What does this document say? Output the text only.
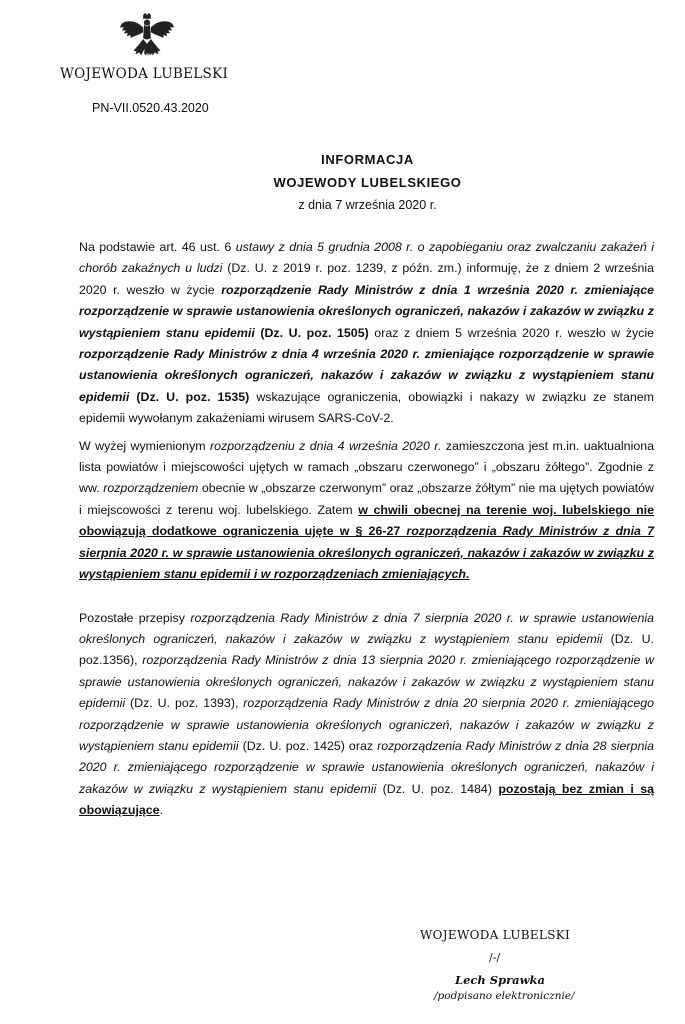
WOJEWODA LUBELSKI
PN-VII.0520.43.2020
INFORMACJA
WOJEWODY LUBELSKIEGO
z dnia 7 września 2020 r.

Na podstawie art. 46 ust. 6 ustawy z dnia 5 grudnia 2008 r. o zapobieganiu oraz zwalczaniu zakażeń i chorób zakaźnych u ludzi (Dz. U. z 2019 r. poz. 1239, z późn. zm.) informuję, że z dniem 2 września 2020 r. weszło w życie rozporządzenie Rady Ministrów z dnia 1 września 2020 r. zmieniające rozporządzenie w sprawie ustanowienia określonych ograniczeń, nakazów i zakazów w związku z wystąpieniem stanu epidemii (Dz. U. poz. 1505) oraz z dniem 5 września 2020 r. weszło w życie rozporządzenie Rady Ministrów z dnia 4 września 2020 r. zmieniające rozporządzenie w sprawie ustanowienia określonych ograniczeń, nakazów i zakazów w związku z wystąpieniem stanu epidemii (Dz. U. poz. 1535) wskazujące ograniczenia, obowiązki i nakazy w związku ze stanem epidemii wywołanym zakażeniami wirusem SARS-CoV-2.

W wyżej wymienionym rozporządzeniu z dnia 4 września 2020 r. zamieszczona jest m.in. uaktualniona lista powiatów i miejscowości ujętych w ramach „obszaru czerwonego” i „obszaru żółtego”. Zgodnie z ww. rozporządzeniem obecnie w „obszarze czerwonym” oraz „obszarze żółtym” nie ma ujętych powiatów i miejscowości z terenu woj. lubelskiego. Zatem w chwili obecnej na terenie woj. lubelskiego nie obowiązują dodatkowe ograniczenia ujęte w § 26-27 rozporządzenia Rady Ministrów z dnia 7 sierpnia 2020 r. w sprawie ustanowienia określonych ograniczeń, nakazów i zakazów w związku z wystąpieniem stanu epidemii i w rozporządzeniach zmieniających.

Pozostałe przepisy rozporządzenia Rady Ministrów z dnia 7 sierpnia 2020 r. w sprawie ustanowienia określonych ograniczeń, nakazów i zakazów w związku z wystąpieniem stanu epidemii (Dz. U. poz.1356), rozporządzenia Rady Ministrów z dnia 13 sierpnia 2020 r. zmieniającego rozporządzenie w sprawie ustanowienia określonych ograniczeń, nakazów i zakazów w związku z wystąpieniem stanu epidemii (Dz. U. poz. 1393), rozporządzenia Rady Ministrów z dnia 20 sierpnia 2020 r. zmieniającego rozporządzenie w sprawie ustanowienia określonych ograniczeń, nakazów i zakazów w związku z wystąpieniem stanu epidemii (Dz. U. poz. 1425) oraz rozporządzenia Rady Ministrów z dnia 28 sierpnia 2020 r. zmieniającego rozporządzenie w sprawie ustanowienia określonych ograniczeń, nakazów i zakazów w związku z wystąpieniem stanu epidemii (Dz. U. poz. 1484) pozostają bez zmian i są obowiązujące.

WOJEWODA LUBELSKI
/-/
Lech Sprawka
/podpisano elektronicznie/
